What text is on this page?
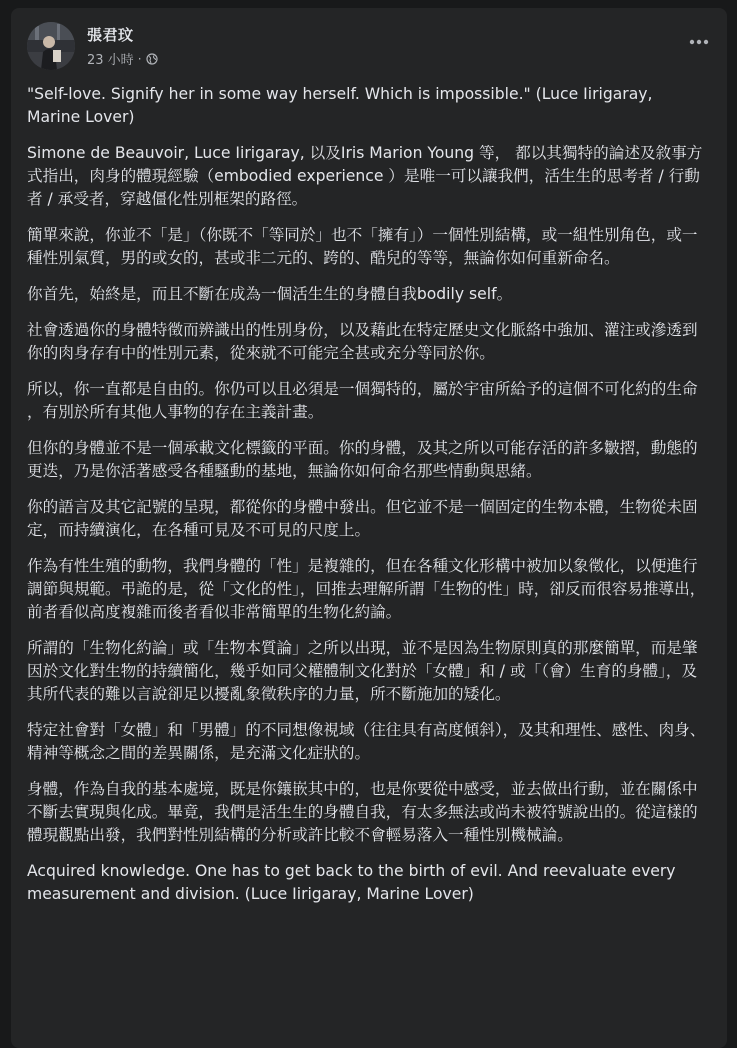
張君玟
23 小時 ·

"Self-love. Signify her in some way herself. Which is impossible." (Luce Iirigaray, Marine Lover)

Simone de Beauvoir, Luce Iirigaray, 以及Iris Marion Young 等， 都以其獨特的論述及敘事方式指出，肉身的體現經驗（embodied experience ）是唯一可以讓我們，活生生的思考者 / 行動者 / 承受者，穿越僵化性別框架的路徑。

簡單來說，你並不「是」（你既不「等同於」也不「擁有」）一個性別結構，或一組性別角色，或一種性別氣質，男的或女的，甚或非二元的、跨的、酷兒的等等，無論你如何重新命名。

你首先，始終是，而且不斷在成為一個活生生的身體自我bodily self。

社會透過你的身體特徵而辨識出的性別身份，以及藉此在特定歷史文化脈絡中強加、灌注或滲透到你的肉身存有中的性別元素，從來就不可能完全甚或充分等同於你。

所以，你一直都是自由的。你仍可以且必須是一個獨特的，屬於宇宙所給予的這個不可化約的生命，有別於所有其他人事物的存在主義計畫。

但你的身體並不是一個承載文化標籤的平面。你的身體，及其之所以可能存活的許多皺摺，動態的更迭，乃是你活著感受各種騷動的基地，無論你如何命名那些情動與思緒。

你的語言及其它記號的呈現，都從你的身體中發出。但它並不是一個固定的生物本體，生物從未固定，而持續演化，在各種可見及不可見的尺度上。

作為有性生殖的動物，我們身體的「性」是複雜的，但在各種文化形構中被加以象徵化，以便進行調節與規範。弔詭的是，從「文化的性」，回推去理解所謂「生物的性」時，卻反而很容易推導出，前者看似高度複雜而後者看似非常簡單的生物化約論。

所謂的「生物化約論」或「生物本質論」之所以出現，並不是因為生物原則真的那麼簡單，而是肇因於文化對生物的持續簡化，幾乎如同父權體制文化對於「女體」和 / 或「（會）生育的身體」，及其所代表的難以言說卻足以擾亂象徵秩序的力量，所不斷施加的矮化。

特定社會對「女體」和「男體」的不同想像視域（往往具有高度傾斜），及其和理性、感性、肉身、精神等概念之間的差異關係，是充滿文化症狀的。

身體，作為自我的基本處境，既是你鑲嵌其中的，也是你要從中感受，並去做出行動，並在關係中不斷去實現與化成。畢竟，我們是活生生的身體自我，有太多無法或尚未被符號說出的。從這樣的體現觀點出發，我們對性別結構的分析或許比較不會輕易落入一種性別機械論。

Acquired knowledge. One has to get back to the birth of evil. And reevaluate every measurement and division. (Luce Iirigaray, Marine Lover)
